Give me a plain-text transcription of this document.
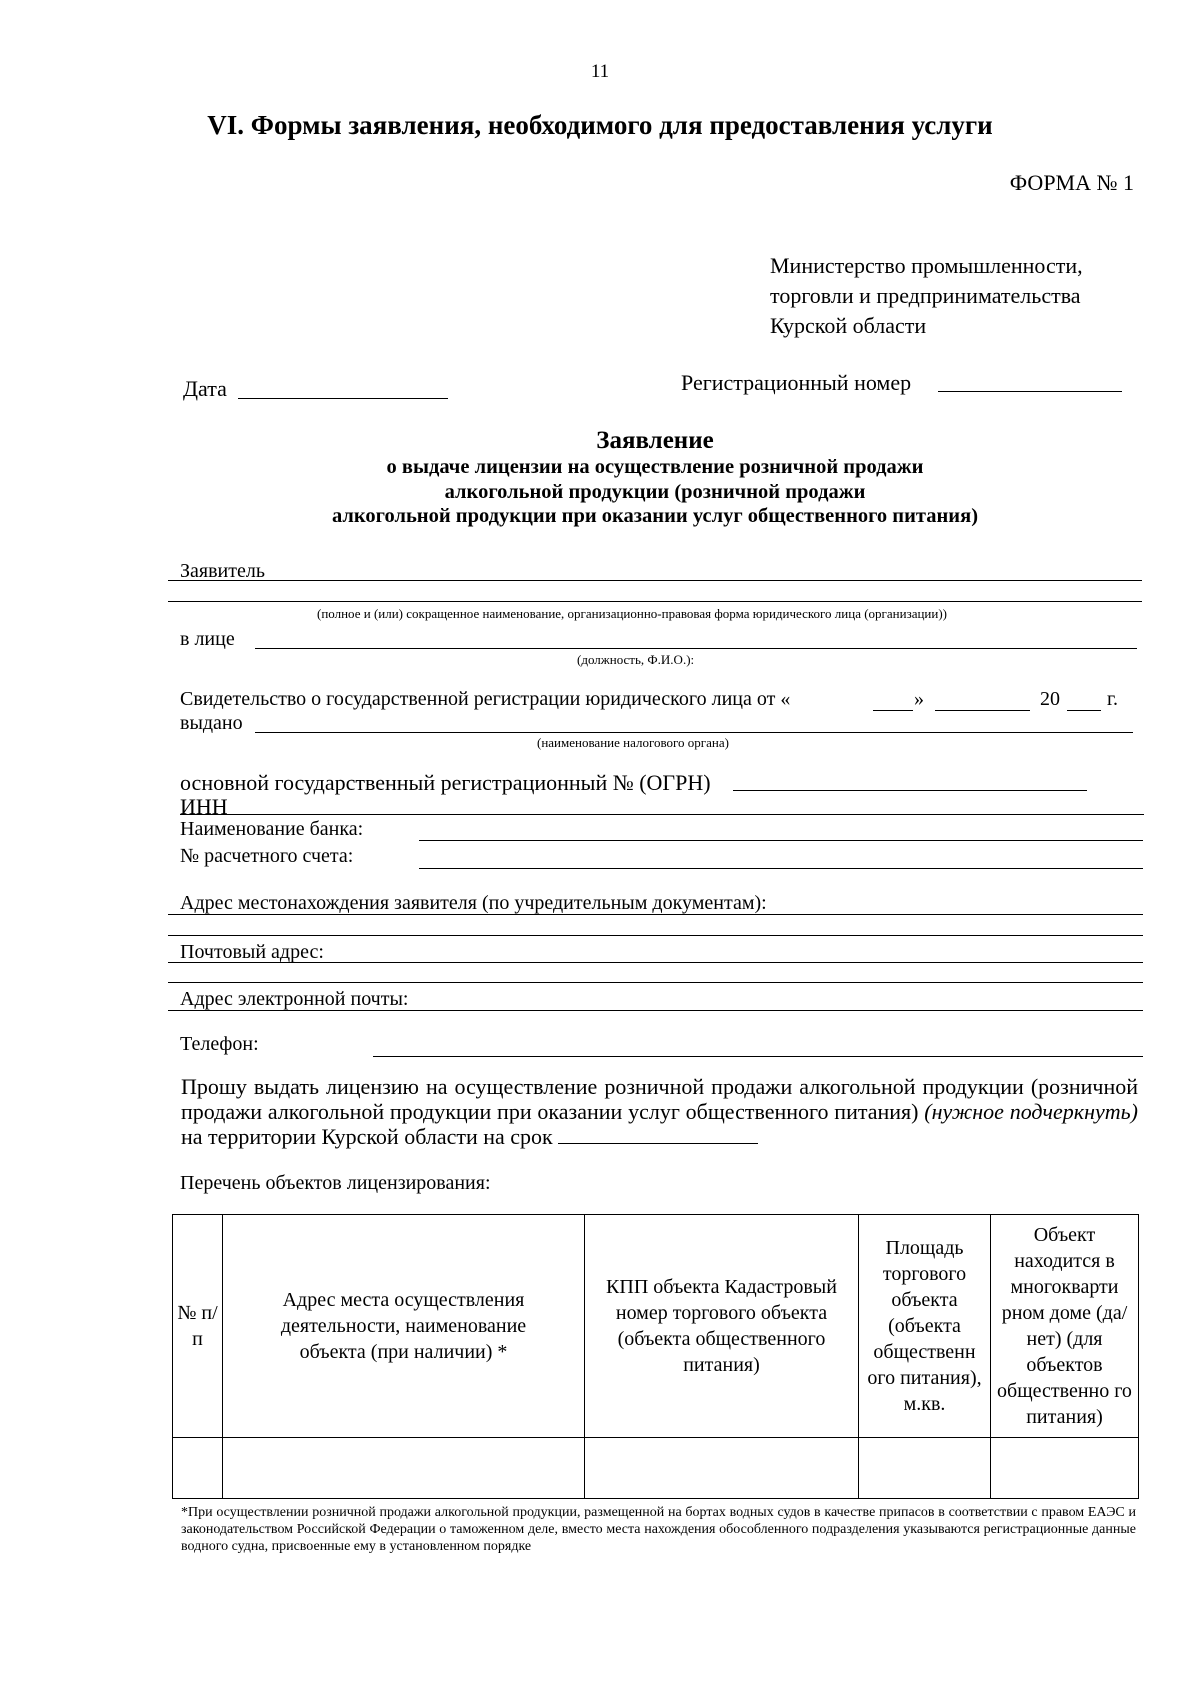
11
VI. Формы заявления, необходимого для предоставления услуги
ФОРМА № 1
Министерство промышленности,
торговли и предпринимательства
Курской области
Дата	Регистрационный номер
Заявление
о выдаче лицензии на осуществление розничной продажи
алкогольной продукции (розничной продажи
алкогольной продукции при оказании услуг общественного питания)
Заявитель
(полное и (или) сокращенное наименование, организационно-правовая форма юридического лица (организации))
в лице
(должность, Ф.И.О.):
Свидетельство о государственной регистрации юридического лица от «	»	20 г.
выдано
(наименование налогового органа)
основной государственный регистрационный № (ОГРН)
ИНН
Наименование банка:
№ расчетного счета:
Адрес местонахождения заявителя (по учредительным документам):
Почтовый адрес:
Адрес электронной почты:
Телефон:
Прошу выдать лицензию на осуществление розничной продажи алкогольной продукции (розничной продажи алкогольной продукции при оказании услуг общественного питания) (нужное подчеркнуть) на территории Курской области на срок
Перечень объектов лицензирования:
№ п/п	Адрес места осуществления деятельности, наименование объекта (при наличии) *	КПП объекта Кадастровый номер торгового объекта (объекта общественного питания)	Площадь торгового объекта (объекта общественн ого питания), м.кв.	Объект находится в многокварти рном доме (да/нет) (для объектов общественно го питания)

*При осуществлении розничной продажи алкогольной продукции, размещенной на бортах водных судов в качестве припасов в соответствии с правом ЕАЭС и законодательством Российской Федерации о таможенном деле, вместо места нахождения обособленного подразделения указываются регистрационные данные водного судна, присвоенные ему в установленном порядке
